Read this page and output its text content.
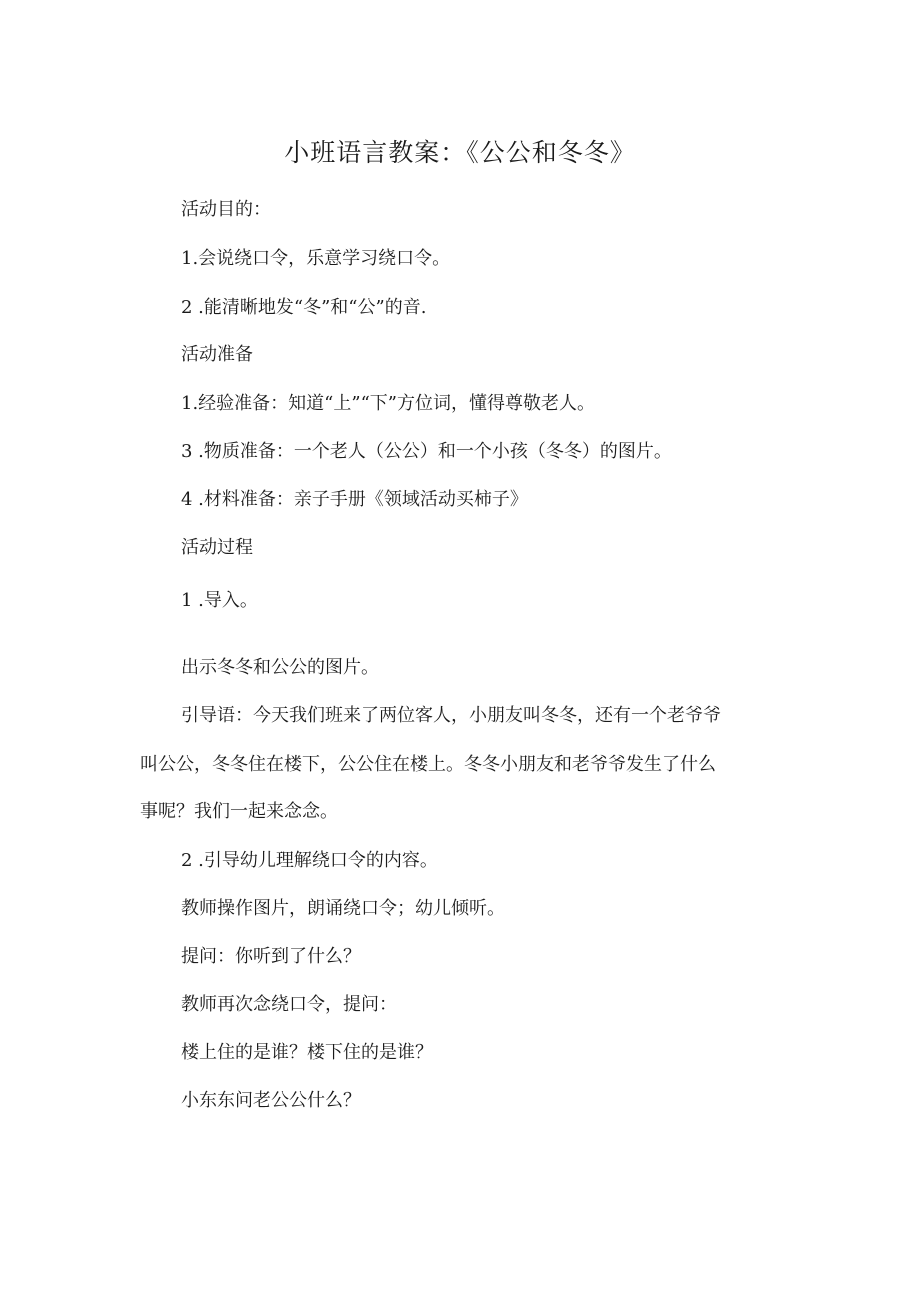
小班语言教案：《公公和冬冬》

活动目的：

1.会说绕口令，乐意学习绕口令。

2 .能清晰地发“冬”和“公”的音.

活动准备

1.经验准备：知道“上”“下”方位词，懂得尊敬老人。

3 .物质准备：一个老人（公公）和一个小孩（冬冬）的图片。

4 .材料准备：亲子手册《领域活动买柿子》

活动过程

1 .导入。

出示冬冬和公公的图片。

引导语：今天我们班来了两位客人，小朋友叫冬冬，还有一个老爷爷

叫公公，冬冬住在楼下，公公住在楼上。冬冬小朋友和老爷爷发生了什么

事呢？我们一起来念念。

2 .引导幼儿理解绕口令的内容。

教师操作图片，朗诵绕口令；幼儿倾听。

提问：你听到了什么？

教师再次念绕口令，提问：

楼上住的是谁？楼下住的是谁？

小东东问老公公什么？
